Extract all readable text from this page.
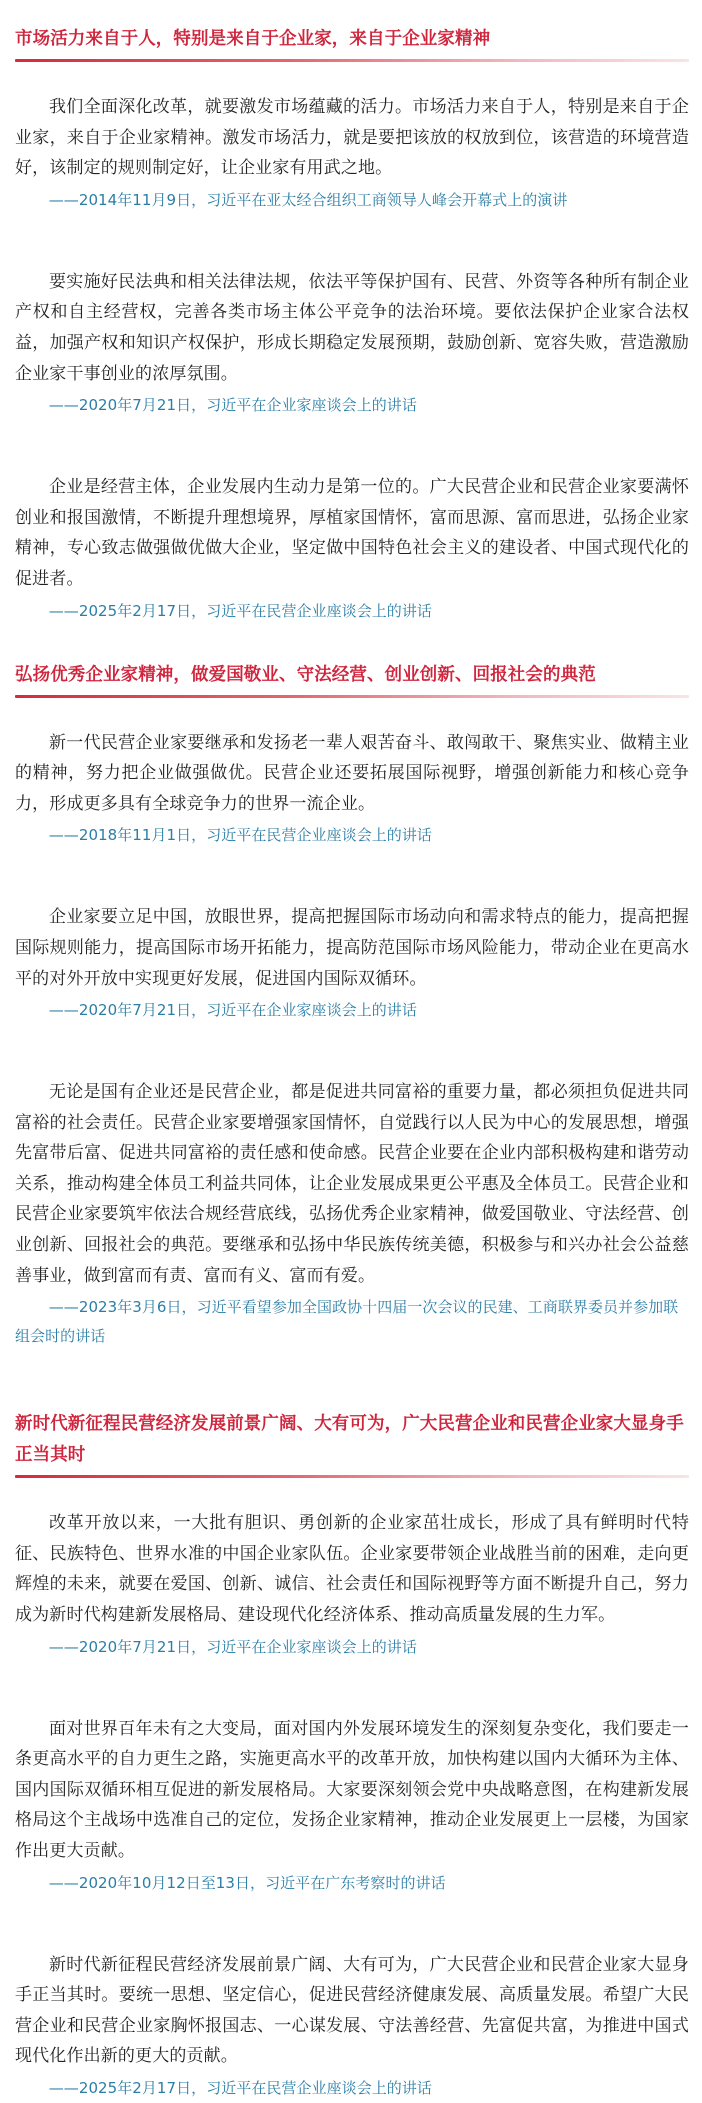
市场活力来自于人，特别是来自于企业家，来自于企业家精神

我们全面深化改革，就要激发市场蕴藏的活力。市场活力来自于人，特别是来自于企业家，来自于企业家精神。激发市场活力，就是要把该放的权放到位，该营造的环境营造好，该制定的规则制定好，让企业家有用武之地。

——2014年11月9日，习近平在亚太经合组织工商领导人峰会开幕式上的演讲

要实施好民法典和相关法律法规，依法平等保护国有、民营、外资等各种所有制企业产权和自主经营权，完善各类市场主体公平竞争的法治环境。要依法保护企业家合法权益，加强产权和知识产权保护，形成长期稳定发展预期，鼓励创新、宽容失败，营造激励企业家干事创业的浓厚氛围。

——2020年7月21日，习近平在企业家座谈会上的讲话

企业是经营主体，企业发展内生动力是第一位的。广大民营企业和民营企业家要满怀创业和报国激情，不断提升理想境界，厚植家国情怀，富而思源、富而思进，弘扬企业家精神，专心致志做强做优做大企业，坚定做中国特色社会主义的建设者、中国式现代化的促进者。

——2025年2月17日，习近平在民营企业座谈会上的讲话

弘扬优秀企业家精神，做爱国敬业、守法经营、创业创新、回报社会的典范

新一代民营企业家要继承和发扬老一辈人艰苦奋斗、敢闯敢干、聚焦实业、做精主业的精神，努力把企业做强做优。民营企业还要拓展国际视野，增强创新能力和核心竞争力，形成更多具有全球竞争力的世界一流企业。

——2018年11月1日，习近平在民营企业座谈会上的讲话

企业家要立足中国，放眼世界，提高把握国际市场动向和需求特点的能力，提高把握国际规则能力，提高国际市场开拓能力，提高防范国际市场风险能力，带动企业在更高水平的对外开放中实现更好发展，促进国内国际双循环。

——2020年7月21日，习近平在企业家座谈会上的讲话

无论是国有企业还是民营企业，都是促进共同富裕的重要力量，都必须担负促进共同富裕的社会责任。民营企业家要增强家国情怀，自觉践行以人民为中心的发展思想，增强先富带后富、促进共同富裕的责任感和使命感。民营企业要在企业内部积极构建和谐劳动关系，推动构建全体员工利益共同体，让企业发展成果更公平惠及全体员工。民营企业和民营企业家要筑牢依法合规经营底线，弘扬优秀企业家精神，做爱国敬业、守法经营、创业创新、回报社会的典范。要继承和弘扬中华民族传统美德，积极参与和兴办社会公益慈善事业，做到富而有责、富而有义、富而有爱。

——2023年3月6日，习近平看望参加全国政协十四届一次会议的民建、工商联界委员并参加联组会时的讲话

新时代新征程民营经济发展前景广阔、大有可为，广大民营企业和民营企业家大显身手正当其时

改革开放以来，一大批有胆识、勇创新的企业家茁壮成长，形成了具有鲜明时代特征、民族特色、世界水准的中国企业家队伍。企业家要带领企业战胜当前的困难，走向更辉煌的未来，就要在爱国、创新、诚信、社会责任和国际视野等方面不断提升自己，努力成为新时代构建新发展格局、建设现代化经济体系、推动高质量发展的生力军。

——2020年7月21日，习近平在企业家座谈会上的讲话

面对世界百年未有之大变局，面对国内外发展环境发生的深刻复杂变化，我们要走一条更高水平的自力更生之路，实施更高水平的改革开放，加快构建以国内大循环为主体、国内国际双循环相互促进的新发展格局。大家要深刻领会党中央战略意图，在构建新发展格局这个主战场中选准自己的定位，发扬企业家精神，推动企业发展更上一层楼，为国家作出更大贡献。

——2020年10月12日至13日，习近平在广东考察时的讲话

新时代新征程民营经济发展前景广阔、大有可为，广大民营企业和民营企业家大显身手正当其时。要统一思想、坚定信心，促进民营经济健康发展、高质量发展。希望广大民营企业和民营企业家胸怀报国志、一心谋发展、守法善经营、先富促共富，为推进中国式现代化作出新的更大的贡献。

——2025年2月17日，习近平在民营企业座谈会上的讲话
